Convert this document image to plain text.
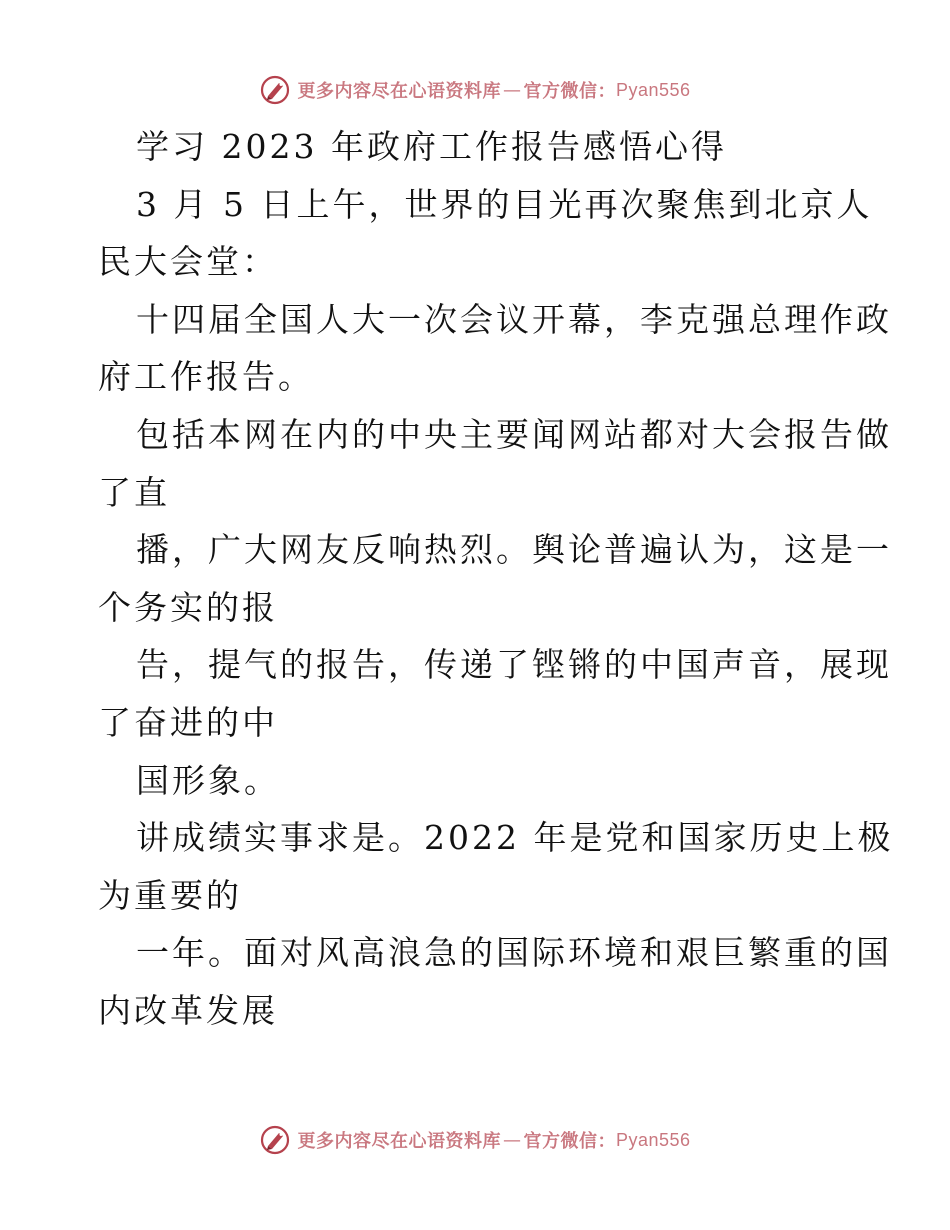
更多内容尽在心语资料库 — 官方微信： Pyan556
学习 2023 年政府工作报告感悟心得
3 月 5 日上午，世界的目光再次聚焦到北京人
民大会堂：
十四届全国人大一次会议开幕，李克强总理作政
府工作报告。
包括本网在内的中央主要闻网站都对大会报告做
了直
播，广大网友反响热烈。舆论普遍认为，这是一
个务实的报
告，提气的报告，传递了铿锵的中国声音，展现
了奋进的中
国形象。
讲成绩实事求是。2022 年是党和国家历史上极
为重要的
一年。面对风高浪急的国际环境和艰巨繁重的国
内改革发展
更多内容尽在心语资料库 — 官方微信： Pyan556
